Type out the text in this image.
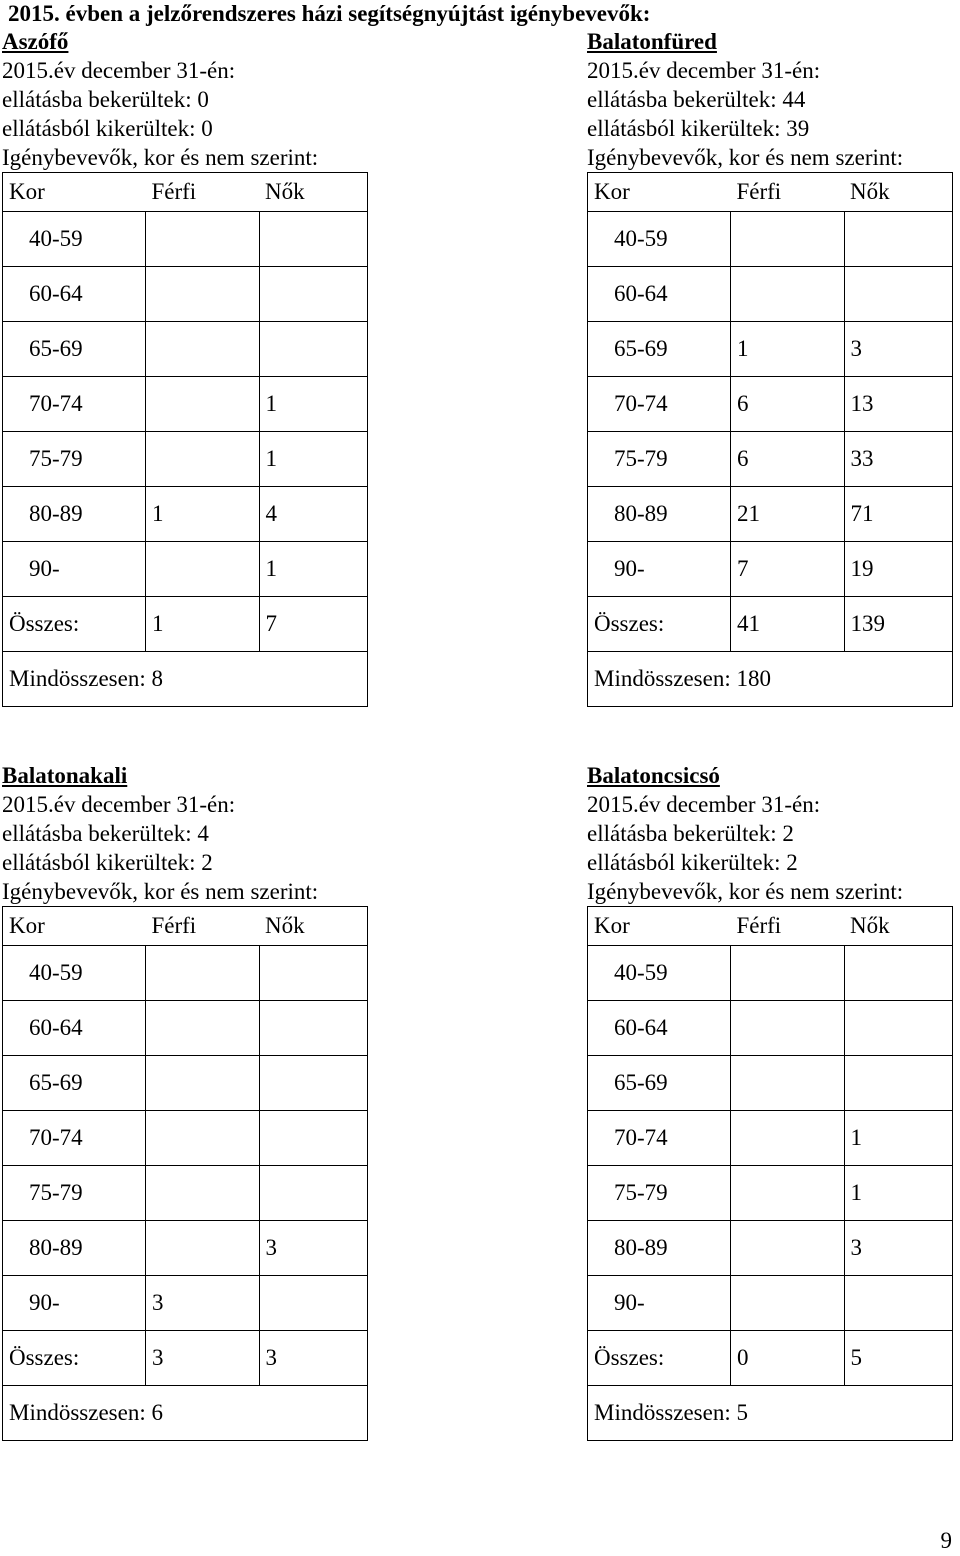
2015. évben a jelzőrendszeres házi segítségnyújtást igénybevevők:
Aszófő
2015.év december 31-én:
ellátásba bekerültek: 0
ellátásból kikerültek: 0
Igénybevevők, kor és nem szerint:
Kor	Férfi	Nők
40-59		
60-64		
65-69		
70-74		1
75-79		1
80-89	1	4
90-		1
Összes:	1	7
Mindösszesen: 8		
Balatonfüred
2015.év december 31-én:
ellátásba bekerültek: 44
ellátásból kikerültek: 39
Igénybevevők, kor és nem szerint:
Kor	Férfi	Nők
40-59		
60-64		
65-69	1	3
70-74	6	13
75-79	6	33
80-89	21	71
90-	7	19
Összes:	41	139
Mindösszesen: 180		
Balatonakali
2015.év december 31-én:
ellátásba bekerültek: 4
ellátásból kikerültek: 2
Igénybevevők, kor és nem szerint:
Kor	Férfi	Nők
40-59		
60-64		
65-69		
70-74		
75-79		
80-89		3
90-	3	
Összes:	3	3
Mindösszesen: 6		
Balatoncsicsó
2015.év december 31-én:
ellátásba bekerültek: 2
ellátásból kikerültek: 2
Igénybevevők, kor és nem szerint:
Kor	Férfi	Nők
40-59		
60-64		
65-69		
70-74		1
75-79		1
80-89		3
90-		
Összes:	0	5
Mindösszesen: 5		
9
